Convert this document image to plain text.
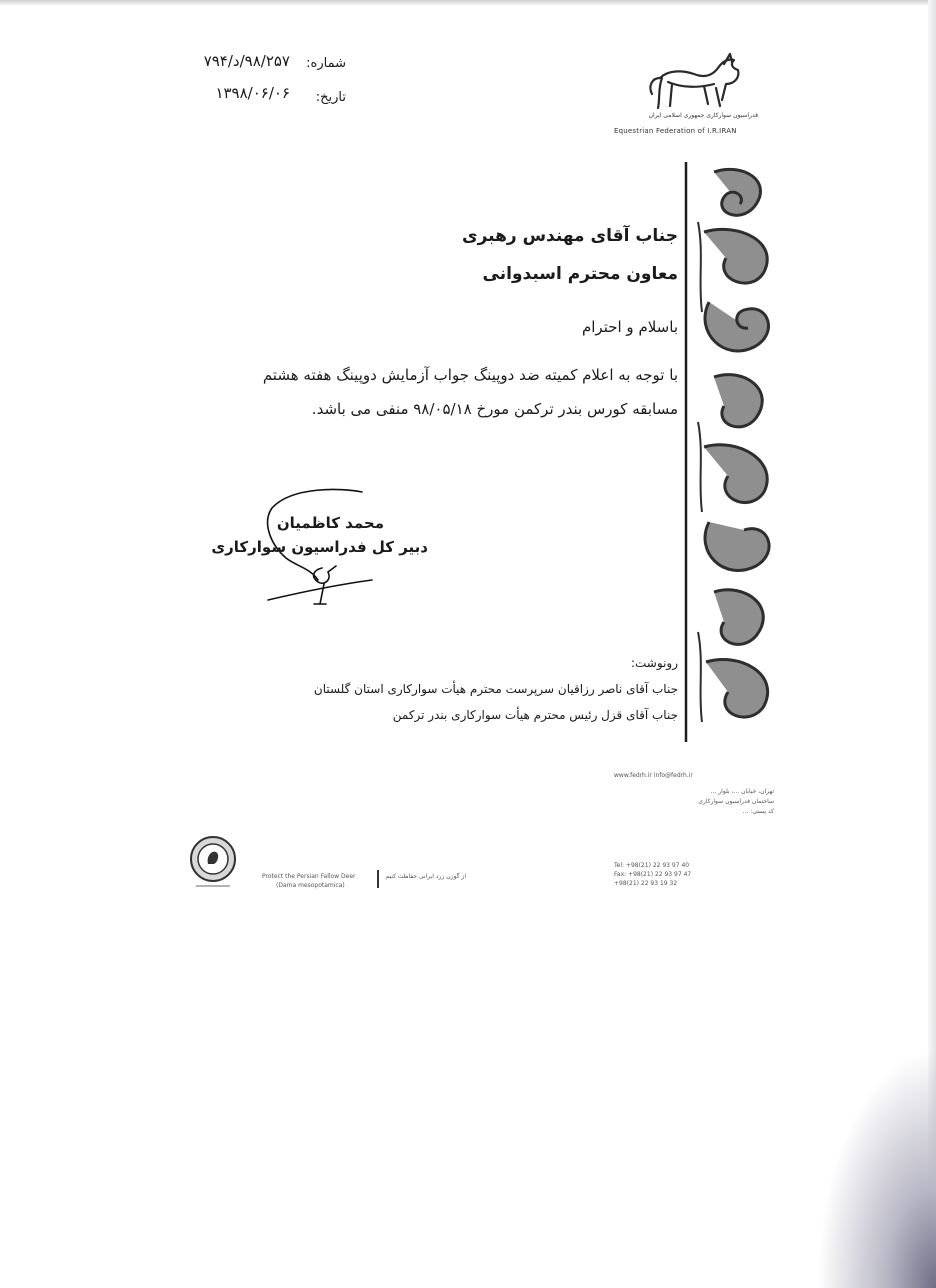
شماره:
۹۸/۲۵۷/د/۷۹۴
تاریخ:
۱۳۹۸/۰۶/۰۶
فدراسیون سوارکاری جمهوری اسلامی ایران
Equestrian Federation of I.R.IRAN
جناب آقای مهندس رهبری
معاون محترم اسبدوانی
باسلام و احترام
با توجه به اعلام کمیته ضد دوپینگ جواب آزمایش دوپینگ هفته هشتم
مسابقه کورس بندر ترکمن مورخ ۹۸/۰۵/۱۸ منفی می باشد.
محمد کاظمیان
دبیر کل فدراسیون سوارکاری
رونوشت:
جناب آقای ناصر رزاقیان سرپرست محترم هیأت سوارکاری استان گلستان
جناب آقای قزل رئیس محترم هیأت سوارکاری بندر ترکمن
www.fedrh.ir info@fedrh.ir
تهران، خیابان ...، بلوار ...
ساختمان فدراسیون سوارکاری
کد پستی: ...
Tel: +98(21) 22 93 97 40
Fax: +98(21) 22 93 97 47
+98(21) 22 93 19 32
Protect the Persian Fallow Deer
(Dama mesopotamica)
از گوزن زرد ایرانی حفاظت کنیم
